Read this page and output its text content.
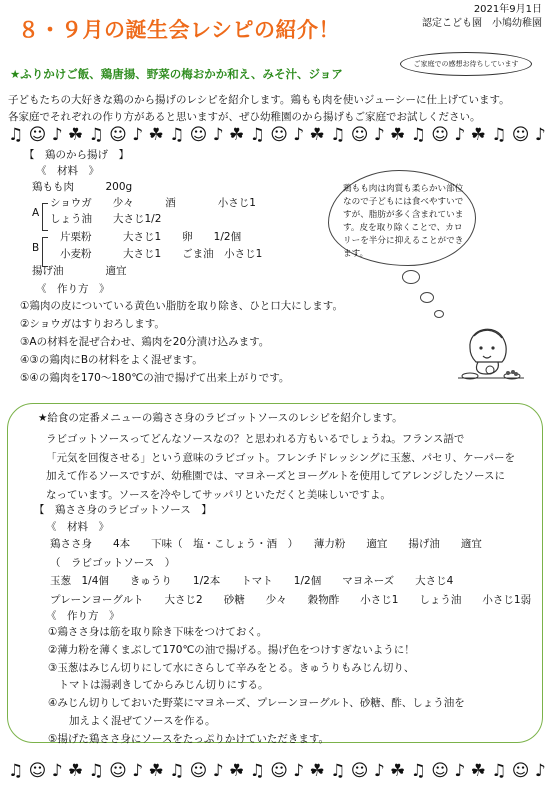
2021年9月1日
認定こども園　小鳩幼稚園
８・９月の誕生会レシピの紹介！
ご家庭での感想お待ちしています
★ふりかけご飯、鶏唐揚、野菜の梅おかか和え、みそ汁、ジョア
子どもたちの大好きな鶏のから揚げのレシピを紹介します。鶏もも肉を使いジューシーに仕上げています。
各家庭でそれぞれの作り方があると思いますが、ぜひ幼稚園のから揚げもご家庭でお試しください。
♫ ☺ ♪ ☘ ♫ ☺ ♪ ☘ ♫ ☺ ♪ ☘ ♫ ☺ ♪ ☘ ♫ ☺ ♪ ☘ ♫ ☺ ♪ ☘ ♫ ☺ ♪
【　鶏のから揚げ　】
《　材料　》
鶏もも肉　　　200g
A
ショウガ　　少々　　　酒　　　　小さじ1
しょう油　　大さじ1/2
B
片栗粉　　　大さじ1　　卵　　1/2個
小麦粉　　　大さじ1　　ごま油　小さじ1
揚げ油　　　　適宜
《　作り方　》
①鶏肉の皮についている黄色い脂肪を取り除き、ひと口大にします。
②ショウガはすりおろします。
③Aの材料を混ぜ合わせ、鶏肉を20分漬け込みます。
④③の鶏肉にBの材料をよく混ぜます。
⑤④の鶏肉を170～180℃の油で揚げて出来上がりです。
鶏もも肉は肉質も柔らかい部位なので子どもには食べやすいですが、脂肪が多く含まれています。皮を取り除くことで、カロリーを半分に抑えることができます。
★給食の定番メニューの鶏ささ身のラビゴットソースのレシピを紹介します。
ラビゴットソースってどんなソースなの？と思われる方もいるでしょうね。フランス語で
「元気を回復させる」という意味のラビゴット。フレンチドレッシングに玉葱、パセリ、ケーパーを
加えて作るソースですが、幼稚園では、マヨネーズとヨーグルトを使用してアレンジしたソースに
なっています。ソースを冷やしてサッパリといただくと美味しいですよ。
【　鶏ささ身のラビゴットソース　】
《　材料　》
鶏ささ身　　4本　　下味（　塩・こしょう・酒　）　　薄力粉　　適宜　　揚げ油　　適宜
（　ラビゴットソース　）
玉葱　1/4個　　きゅうり　　1/2本　　トマト　　1/2個　　マヨネーズ　　大さじ4
プレーンヨーグルト　　大さじ2　　砂糖　　少々　　穀物酢　　小さじ1　　しょう油　　小さじ1弱
《　作り方　》
①鶏ささ身は筋を取り除き下味をつけておく。
②薄力粉を薄くまぶして170℃の油で揚げる。揚げ色をつけすぎないように！
③玉葱はみじん切りにして水にさらして辛みをとる。きゅうりもみじん切り、
　トマトは湯剥きしてからみじん切りにする。
④みじん切りしておいた野菜にマヨネーズ、プレーンヨーグルト、砂糖、酢、しょう油を
　　加えよく混ぜてソースを作る。
⑤揚げた鶏ささ身にソースをたっぷりかけていただきます。
♫ ☺ ♪ ☘ ♫ ☺ ♪ ☘ ♫ ☺ ♪ ☘ ♫ ☺ ♪ ☘ ♫ ☺ ♪ ☘ ♫ ☺ ♪ ☘ ♫ ☺ ♪
